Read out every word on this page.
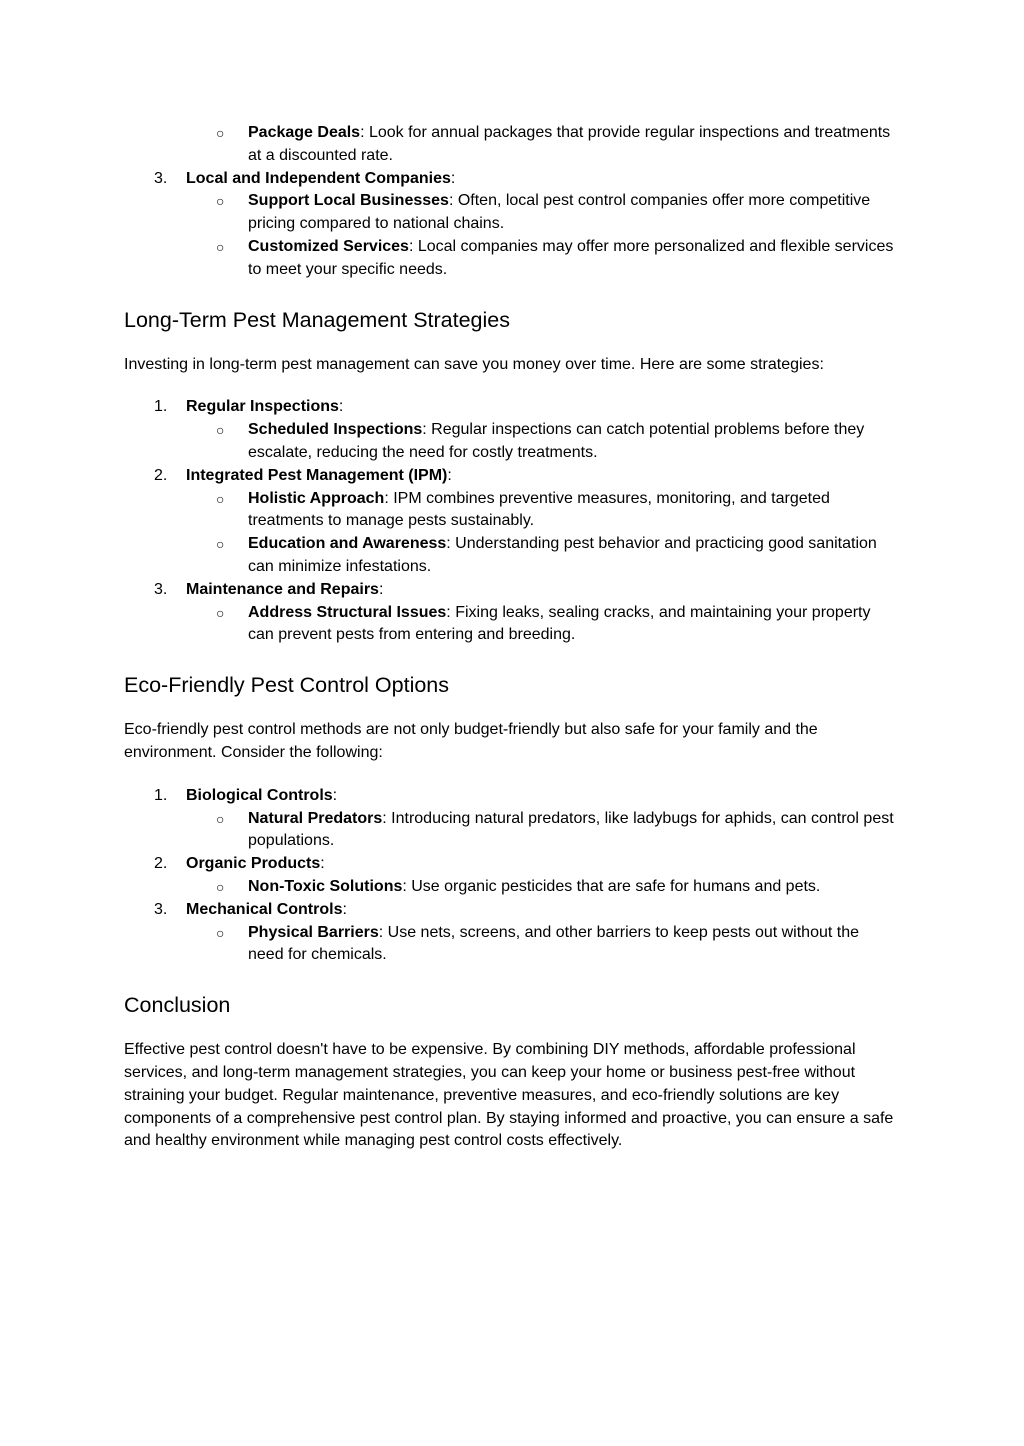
○ Package Deals: Look for annual packages that provide regular inspections and treatments at a discounted rate.
3. Local and Independent Companies:
○ Support Local Businesses: Often, local pest control companies offer more competitive pricing compared to national chains.
○ Customized Services: Local companies may offer more personalized and flexible services to meet your specific needs.
Long-Term Pest Management Strategies

Investing in long-term pest management can save you money over time. Here are some strategies:

1. Regular Inspections:
○ Scheduled Inspections: Regular inspections can catch potential problems before they escalate, reducing the need for costly treatments.
2. Integrated Pest Management (IPM):
○ Holistic Approach: IPM combines preventive measures, monitoring, and targeted treatments to manage pests sustainably.
○ Education and Awareness: Understanding pest behavior and practicing good sanitation can minimize infestations.
3. Maintenance and Repairs:
○ Address Structural Issues: Fixing leaks, sealing cracks, and maintaining your property can prevent pests from entering and breeding.
Eco-Friendly Pest Control Options

Eco-friendly pest control methods are not only budget-friendly but also safe for your family and the environment. Consider the following:

1. Biological Controls:
○ Natural Predators: Introducing natural predators, like ladybugs for aphids, can control pest populations.
2. Organic Products:
○ Non-Toxic Solutions: Use organic pesticides that are safe for humans and pets.
3. Mechanical Controls:
○ Physical Barriers: Use nets, screens, and other barriers to keep pests out without the need for chemicals.
Conclusion

Effective pest control doesn't have to be expensive. By combining DIY methods, affordable professional services, and long-term management strategies, you can keep your home or business pest-free without straining your budget. Regular maintenance, preventive measures, and eco-friendly solutions are key components of a comprehensive pest control plan. By staying informed and proactive, you can ensure a safe and healthy environment while managing pest control costs effectively.
